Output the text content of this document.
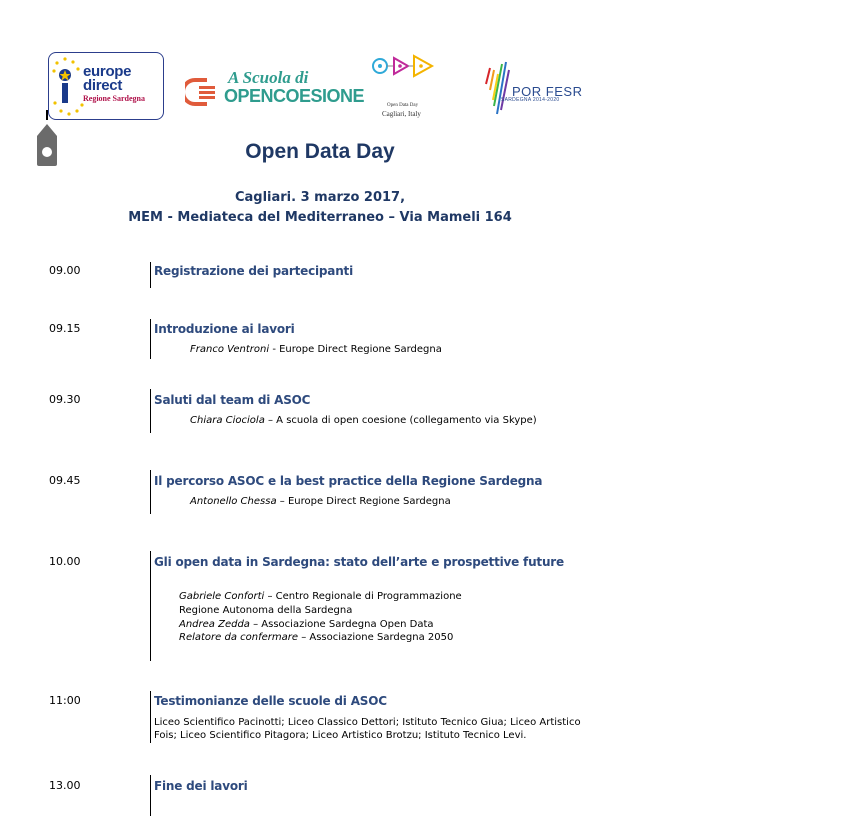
europe
direct
Regione Sardegna
A Scuola di
OPENCOESIONE	Open Data Day
Cagliari, Italy
POR FESR
SARDEGNA 2014-2020
Open Data Day
Cagliari. 3 marzo 2017,
MEM - Mediateca del Mediterraneo – Via Mameli 164
09.00	Registrazione dei partecipanti
09.15	Introduzione ai lavori
Franco Ventroni - Europe Direct Regione Sardegna
09.30	Saluti dal team di ASOC
Chiara Ciociola – A scuola di open coesione (collegamento via Skype)
09.45	Il percorso ASOC e la best practice della Regione Sardegna
Antonello Chessa – Europe Direct Regione Sardegna
10.00	Gli open data in Sardegna: stato dell’arte e prospettive future
Gabriele Conforti – Centro Regionale di Programmazione
Regione Autonoma della Sardegna
Andrea Zedda – Associazione Sardegna Open Data
Relatore da confermare – Associazione Sardegna 2050
11:00	Testimonianze delle scuole di ASOC
Liceo Scientifico Pacinotti; Liceo Classico Dettori; Istituto Tecnico Giua; Liceo Artistico
Fois; Liceo Scientifico Pitagora; Liceo Artistico Brotzu; Istituto Tecnico Levi.
13.00	Fine dei lavori
